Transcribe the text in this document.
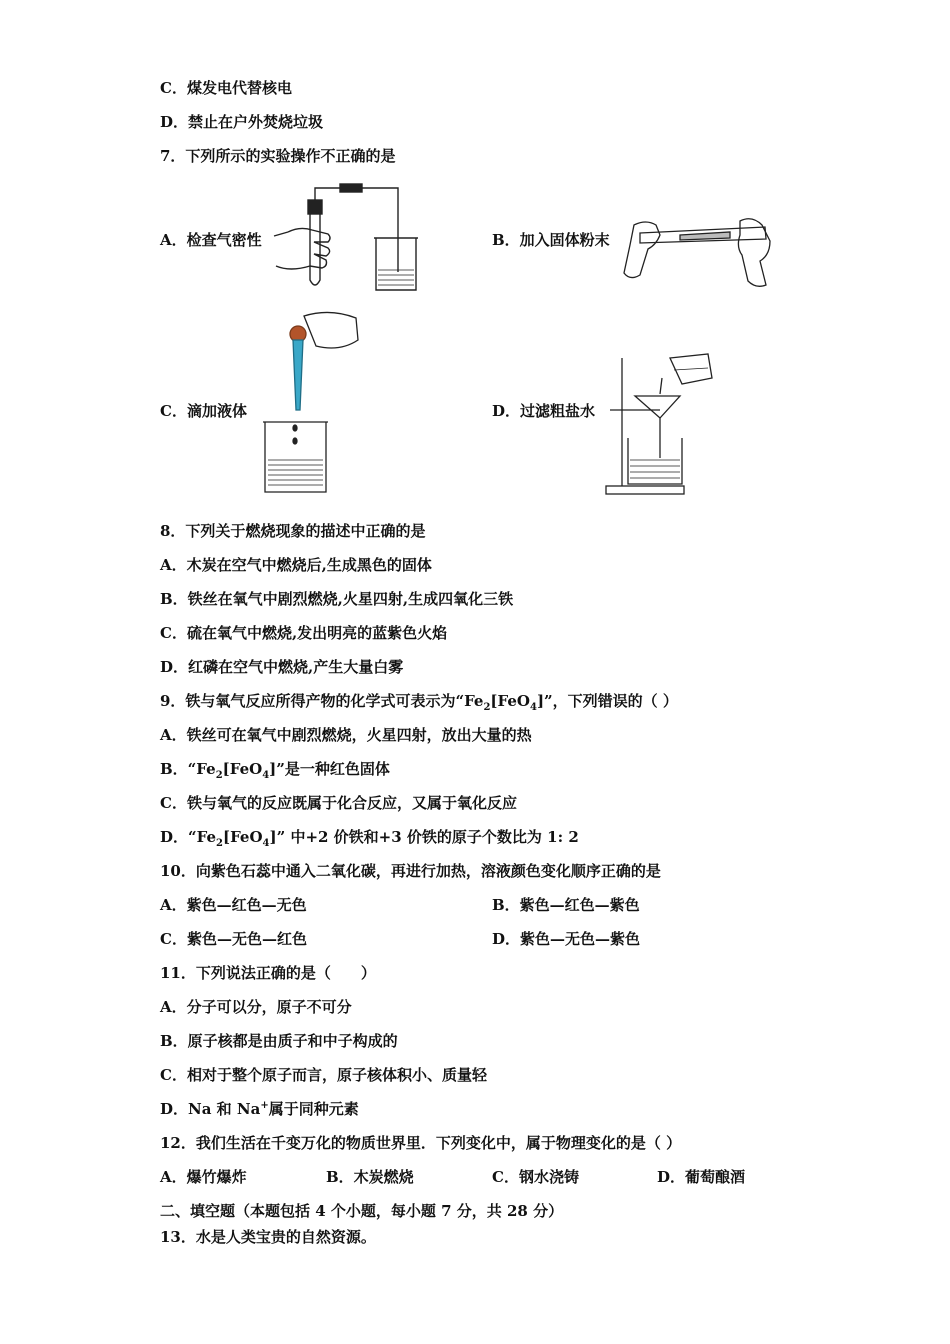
C．煤发电代替核电
D．禁止在户外焚烧垃圾
7．下列所示的实验操作不正确的是
A．检查气密性	B．加入固体粉末
C．滴加液体	D．过滤粗盐水
8．下列关于燃烧现象的描述中正确的是
A．木炭在空气中燃烧后,生成黑色的固体
B．铁丝在氧气中剧烈燃烧,火星四射,生成四氧化三铁
C．硫在氧气中燃烧,发出明亮的蓝紫色火焰
D．红磷在空气中燃烧,产生大量白雾
9．铁与氧气反应所得产物的化学式可表示为“$Fe_2[FeO_4]$”，下列错误的（ ）
A．铁丝可在氧气中剧烈燃烧，火星四射，放出大量的热
B．“$Fe_2[FeO_4]$”是一种红色固体
C．铁与氧气的反应既属于化合反应，又属于氧化反应
D．“$Fe_2[FeO_4]$” 中+2 价铁和+3 价铁的原子个数比为 1: 2
10．向紫色石蕊中通入二氧化碳，再进行加热，溶液颜色变化顺序正确的是
A．紫色—红色—无色	B．紫色—红色—紫色
C．紫色—无色—红色	D．紫色—无色—紫色
11．下列说法正确的是（　　）
A．分子可以分，原子不可分
B．原子核都是由质子和中子构成的
C．相对于整个原子而言，原子核体积小、质量轻
D．Na 和 Na+属于同种元素
12．我们生活在千变万化的物质世界里．下列变化中，属于物理变化的是（ ）
A．爆竹爆炸	B．木炭燃烧	C．钢水浇铸	D．葡萄酿酒
二、填空题（本题包括 4 个小题，每小题 7 分，共 28 分）
13．水是人类宝贵的自然资源。
